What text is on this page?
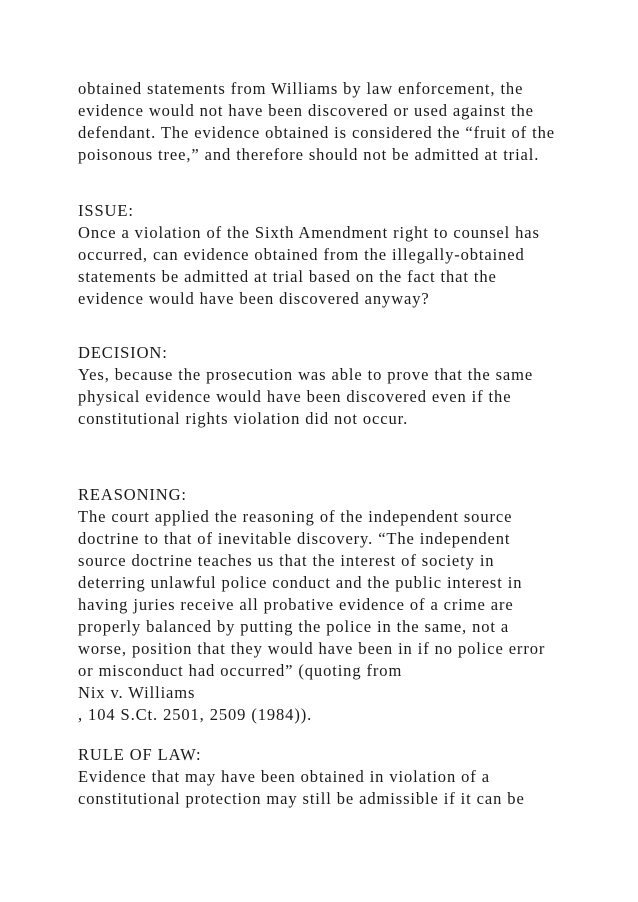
obtained statements from Williams by law enforcement, the
evidence would not have been discovered or used against the
defendant. The evidence obtained is considered the “fruit of the
poisonous tree,” and therefore should not be admitted at trial.
ISSUE:
Once a violation of the Sixth Amendment right to counsel has
occurred, can evidence obtained from the illegally-obtained
statements be admitted at trial based on the fact that the
evidence would have been discovered anyway?
DECISION:
Yes, because the prosecution was able to prove that the same
physical evidence would have been discovered even if the
constitutional rights violation did not occur.
REASONING:
The court applied the reasoning of the independent source
doctrine to that of inevitable discovery. “The independent
source doctrine teaches us that the interest of society in
deterring unlawful police conduct and the public interest in
having juries receive all probative evidence of a crime are
properly balanced by putting the police in the same, not a
worse, position that they would have been in if no police error
or misconduct had occurred” (quoting from
Nix v. Williams
, 104 S.Ct. 2501, 2509 (1984)).
RULE OF LAW:
Evidence that may have been obtained in violation of a
constitutional protection may still be admissible if it can be
